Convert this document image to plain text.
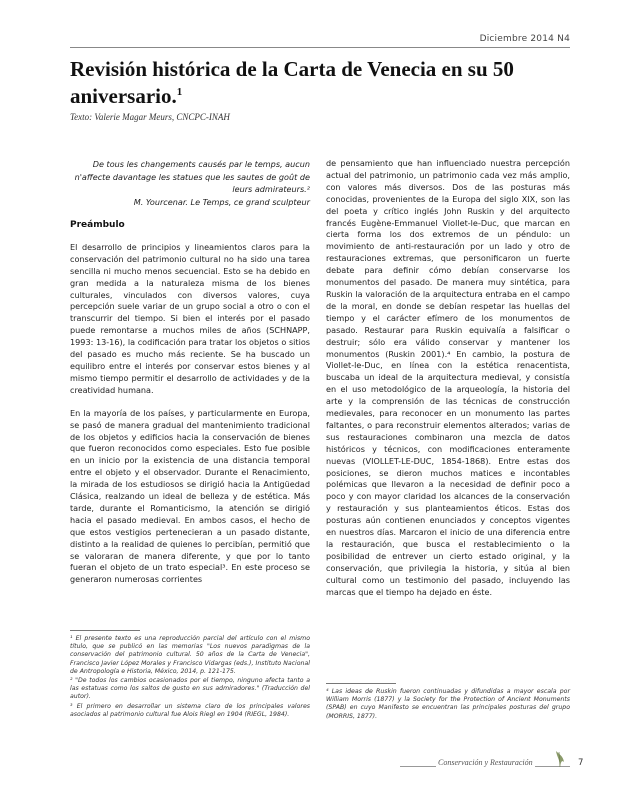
Diciembre 2014 N4
Revisión histórica de la Carta de Venecia en su 50 aniversario.$^1$
Texto: Valerie Magar Meurs, CNCPC-INAH
De tous les changements causés par le temps, aucun n'affecte davantage les statues que les sautes de goût de leurs admirateurs.²
M. Yourcenar. Le Temps, ce grand sculpteur
Preámbulo

El desarrollo de principios y lineamientos claros para la conservación del patrimonio cultural no ha sido una tarea sencilla ni mucho menos secuencial. Esto se ha debido en gran medida a la naturaleza misma de los bienes culturales, vinculados con diversos valores, cuya percepción suele variar de un grupo social a otro o con el transcurrir del tiempo. Si bien el interés por el pasado puede remontarse a muchos miles de años (SCHNAPP, 1993: 13-16), la codificación para tratar los objetos o sitios del pasado es mucho más reciente. Se ha buscado un equilibro entre el interés por conservar estos bienes y al mismo tiempo permitir el desarrollo de actividades y de la creatividad humana.

En la mayoría de los países, y particularmente en Europa, se pasó de manera gradual del mantenimiento tradicional de los objetos y edificios hacia la conservación de bienes que fueron reconocidos como especiales. Esto fue posible en un inicio por la existencia de una distancia temporal entre el objeto y el observador. Durante el Renacimiento, la mirada de los estudiosos se dirigió hacia la Antigüedad Clásica, realzando un ideal de belleza y de estética. Más tarde, durante el Romanticismo, la atención se dirigió hacia el pasado medieval. En ambos casos, el hecho de que estos vestigios pertenecieran a un pasado distante, distinto a la realidad de quienes lo percibían, permitió que se valoraran de manera diferente, y que por lo tanto fueran el objeto de un trato especial³. En este proceso se generaron numerosas corrientes

¹ El presente texto es una reproducción parcial del artículo con el mismo título, que se publicó en las memorias "Los nuevos paradigmas de la conservación del patrimonio cultural. 50 años de la Carta de Venecia", Francisco Javier López Morales y Francisco Vidargas (eds.), Instituto Nacional de Antropología e Historia, México, 2014, p. 121-175.
² "De todos los cambios ocasionados por el tiempo, ninguno afecta tanto a las estatuas como los saltos de gusto en sus admiradores." (Traducción del autor).
³ El primero en desarrollar un sistema claro de los principales valores asociados al patrimonio cultural fue Alois Riegl en 1904 (RIEGL, 1984).

de pensamiento que han influenciado nuestra percepción actual del patrimonio, un patrimonio cada vez más amplio, con valores más diversos. Dos de las posturas más conocidas, provenientes de la Europa del siglo XIX, son las del poeta y crítico inglés John Ruskin y del arquitecto francés Eugène-Emmanuel Viollet-le-Duc, que marcan en cierta forma los dos extremos de un péndulo: un movimiento de anti-restauración por un lado y otro de restauraciones extremas, que personificaron un fuerte debate para definir cómo debían conservarse los monumentos del pasado. De manera muy sintética, para Ruskin la valoración de la arquitectura entraba en el campo de la moral, en donde se debían respetar las huellas del tiempo y el carácter efímero de los monumentos de pasado. Restaurar para Ruskin equivalía a falsificar o destruir; sólo era válido conservar y mantener los monumentos (Ruskin 2001).⁴ En cambio, la postura de Viollet-le-Duc, en línea con la estética renacentista, buscaba un ideal de la arquitectura medieval, y consistía en el uso metodológico de la arqueología, la historia del arte y la comprensión de las técnicas de construcción medievales, para reconocer en un monumento las partes faltantes, o para reconstruir elementos alterados; varias de sus restauraciones combinaron una mezcla de datos históricos y técnicos, con modificaciones enteramente nuevas (VIOLLET-LE-DUC, 1854-1868). Entre estas dos posiciones, se dieron muchos matices e incontables polémicas que llevaron a la necesidad de definir poco a poco y con mayor claridad los alcances de la conservación y restauración y sus planteamientos éticos. Estas dos posturas aún contienen enunciados y conceptos vigentes en nuestros días. Marcaron el inicio de una diferencia entre la restauración, que busca el restablecimiento o la posibilidad de entrever un cierto estado original, y la conservación, que privilegia la historia, y sitúa al bien cultural como un testimonio del pasado, incluyendo las marcas que el tiempo ha dejado en éste.

⁴ Las ideas de Ruskin fueron continuadas y difundidas a mayor escala por William Morris (1877) y la Society for the Protection of Ancient Monuments (SPAB) en cuyo Manifesto se encuentran las principales posturas del grupo (MORRIS, 1877).
Conservación y Restauración	7
